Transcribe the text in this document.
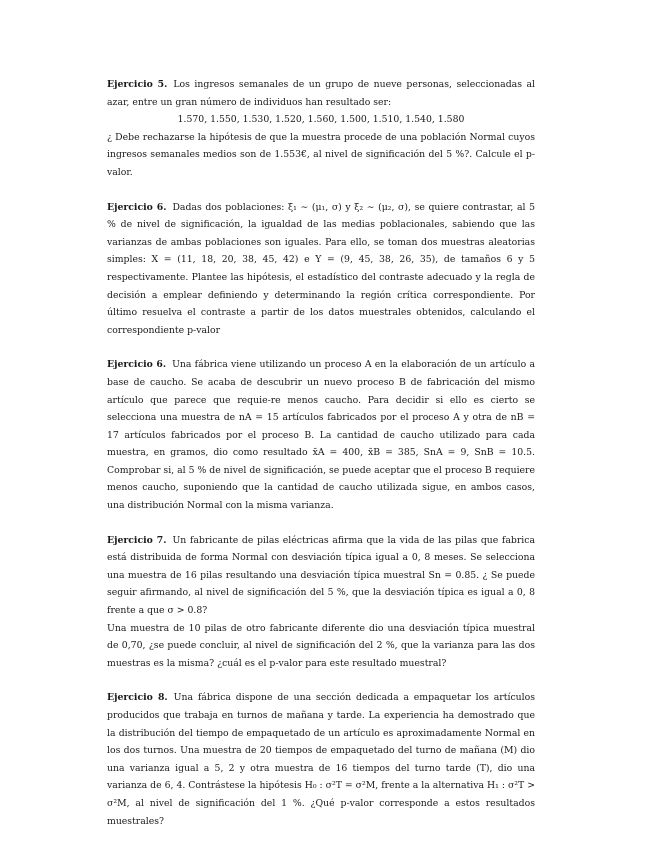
Ejercicio 5. Los ingresos semanales de un grupo de nueve personas, seleccionadas al azar, entre un gran número de individuos han resultado ser:

1.570, 1.550, 1.530, 1.520, 1.560, 1.500, 1.510, 1.540, 1.580

¿ Debe rechazarse la hipótesis de que la muestra procede de una población Normal cuyos ingresos semanales medios son de 1.553€, al nivel de significación del 5 %?. Calcule el p-valor.

Ejercicio 6. Dadas dos poblaciones: ξ₁ ∼ (μ₁, σ) y ξ₂ ∼ (μ₂, σ), se quiere contrastar, al 5 % de nivel de significación, la igualdad de las medias poblacionales, sabiendo que las varianzas de ambas poblaciones son iguales. Para ello, se toman dos muestras aleatorias simples: X = (11, 18, 20, 38, 45, 42) e Y = (9, 45, 38, 26, 35), de tamaños 6 y 5 respectivamente. Plantee las hipótesis, el estadístico del contraste adecuado y la regla de decisión a emplear definiendo y determinando la región crítica correspondiente. Por último resuelva el contraste a partir de los datos muestrales obtenidos, calculando el correspondiente p-valor

Ejercicio 6. Una fábrica viene utilizando un proceso A en la elaboración de un artículo a base de caucho. Se acaba de descubrir un nuevo proceso B de fabricación del mismo artículo que parece que requie-re menos caucho. Para decidir si ello es cierto se selecciona una muestra de nA = 15 artículos fabricados por el proceso A y otra de nB = 17 artículos fabricados por el proceso B. La cantidad de caucho utilizado para cada muestra, en gramos, dio como resultado x̄A = 400, x̄B = 385, SnA = 9, SnB = 10.5. Comprobar si, al 5 % de nivel de significación, se puede aceptar que el proceso B requiere menos caucho, suponiendo que la cantidad de caucho utilizada sigue, en ambos casos, una distribución Normal con la misma varianza.

Ejercicio 7. Un fabricante de pilas eléctricas afirma que la vida de las pilas que fabrica está distribuida de forma Normal con desviación típica igual a 0, 8 meses. Se selecciona una muestra de 16 pilas resultando una desviación típica muestral Sn = 0.85. ¿ Se puede seguir afirmando, al nivel de significación del 5 %, que la desviación típica es igual a 0, 8 frente a que σ > 0.8?

Una muestra de 10 pilas de otro fabricante diferente dio una desviación típica muestral de 0,70, ¿se puede concluir, al nivel de significación del 2 %, que la varianza para las dos muestras es la misma? ¿cuál es el p-valor para este resultado muestral?

Ejercicio 8. Una fábrica dispone de una sección dedicada a empaquetar los artículos producidos que trabaja en turnos de mañana y tarde. La experiencia ha demostrado que la distribución del tiempo de empaquetado de un artículo es aproximadamente Normal en los dos turnos. Una muestra de 20 tiempos de empaquetado del turno de mañana (M) dio una varianza igual a 5, 2 y otra muestra de 16 tiempos del turno tarde (T), dio una varianza de 6, 4. Contrástese la hipótesis H₀ : σ²T = σ²M, frente a la alternativa H₁ : σ²T > σ²M, al nivel de significación del 1 %. ¿Qué p-valor corresponde a estos resultados muestrales?
